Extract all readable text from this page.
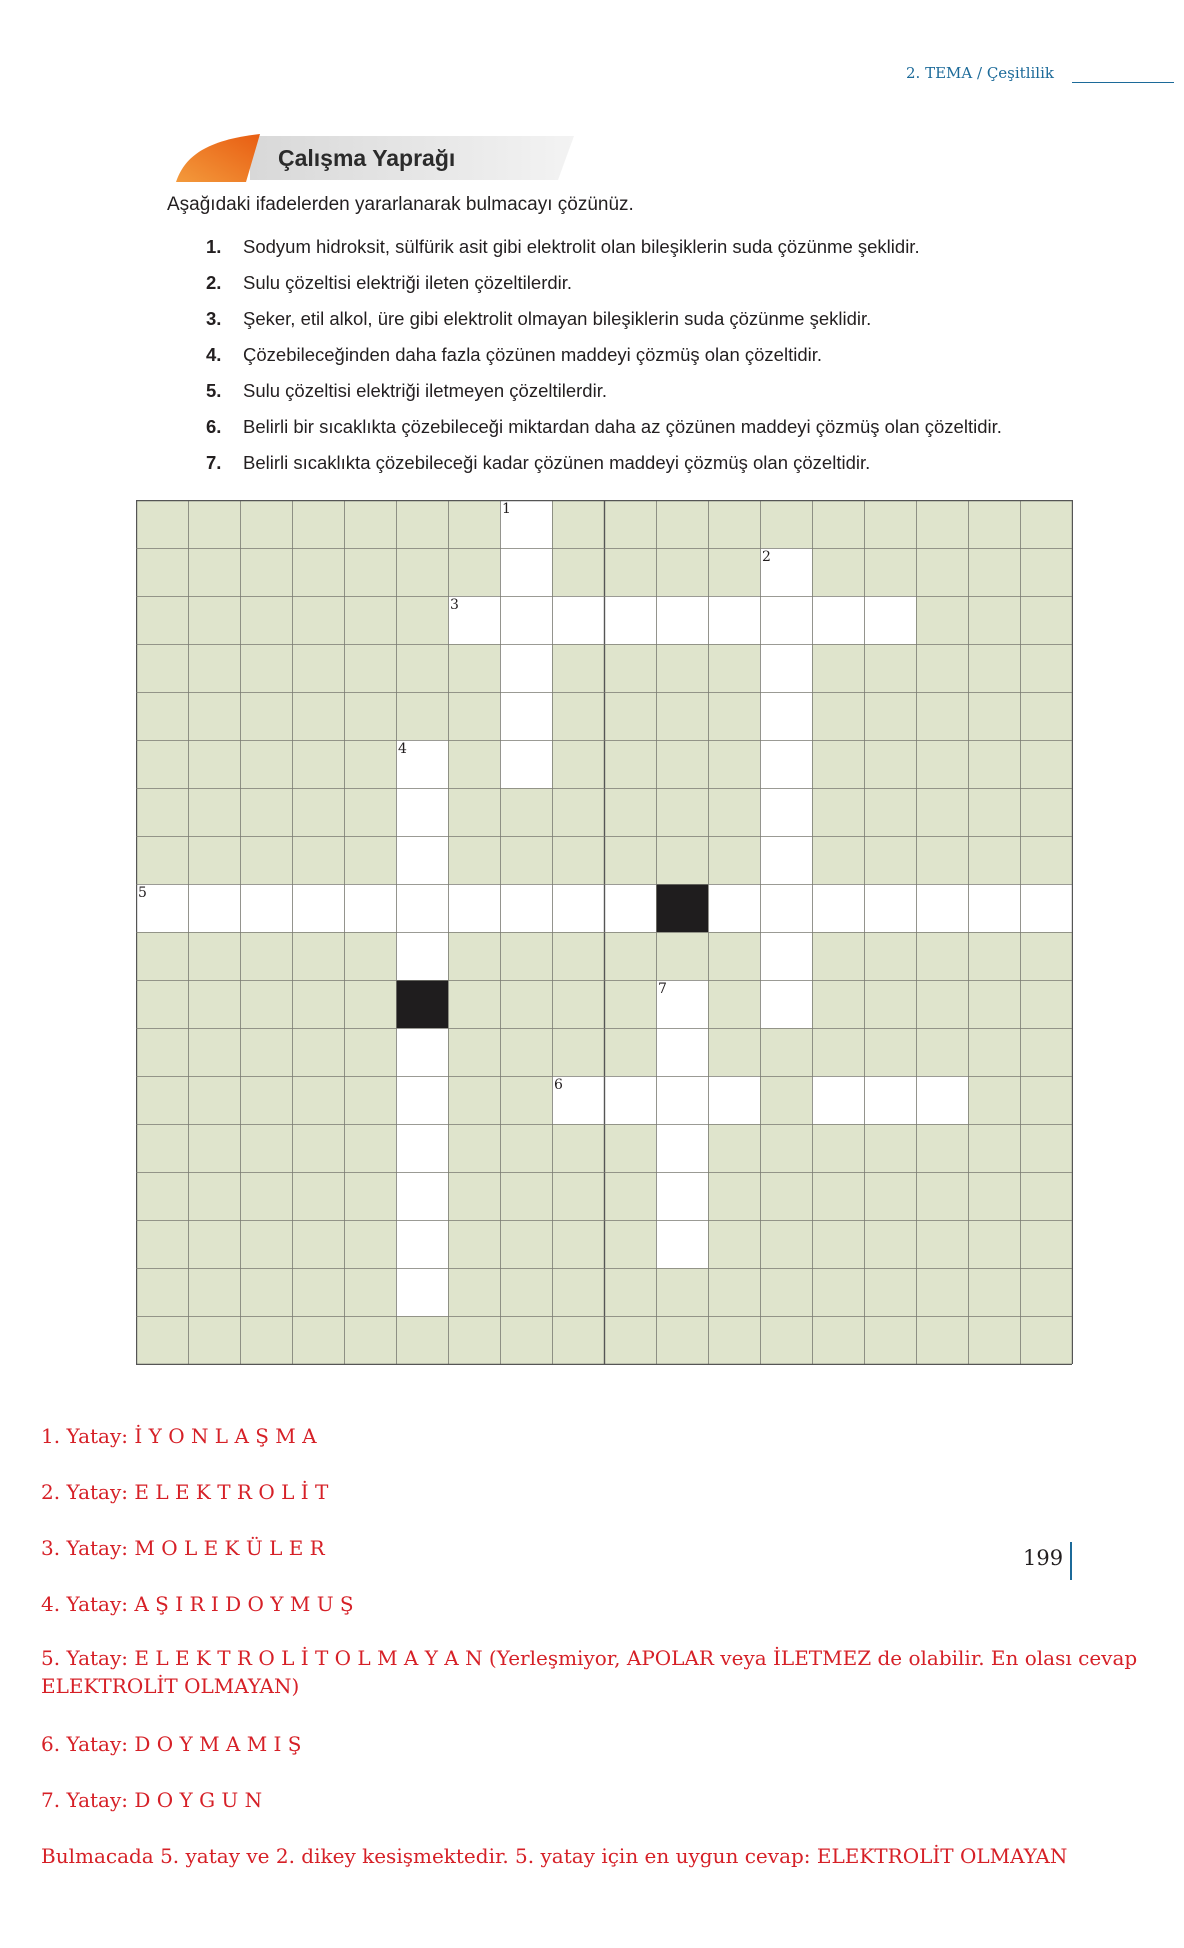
2. TEMA / Çeşitlilik
Çalışma Yaprağı
Aşağıdaki ifadelerden yararlanarak bulmacayı çözünüz.
1.	Sodyum hidroksit, sülfürik asit gibi elektrolit olan bileşiklerin suda çözünme şeklidir.
2.	Sulu çözeltisi elektriği ileten çözeltilerdir.
3.	Şeker, etil alkol, üre gibi elektrolit olmayan bileşiklerin suda çözünme şeklidir.
4.	Çözebileceğinden daha fazla çözünen maddeyi çözmüş olan çözeltidir.
5.	Sulu çözeltisi elektriği iletmeyen çözeltilerdir.
6.	Belirli bir sıcaklıkta çözebileceği miktardan daha az çözünen maddeyi çözmüş olan çözeltidir.
7.	Belirli sıcaklıkta çözebileceği kadar çözünen maddeyi çözmüş olan çözeltidir.
1
2
3
4
5
6
7
1. Yatay: İ Y O N L A Ş M A
2. Yatay: E L E K T R O L İ T
3. Yatay: M O L E K Ü L E R
4. Yatay: A Ş I R I D O Y M U Ş
5. Yatay: E L E K T R O L İ T O L M A Y A N (Yerleşmiyor, APOLAR veya İLETMEZ de olabilir. En olası cevap ELEKTROLİT OLMAYAN)
6. Yatay: D O Y M A M I Ş
7. Yatay: D O Y G U N
Bulmacada 5. yatay ve 2. dikey kesişmektedir. 5. yatay için en uygun cevap: ELEKTROLİT OLMAYAN
199
